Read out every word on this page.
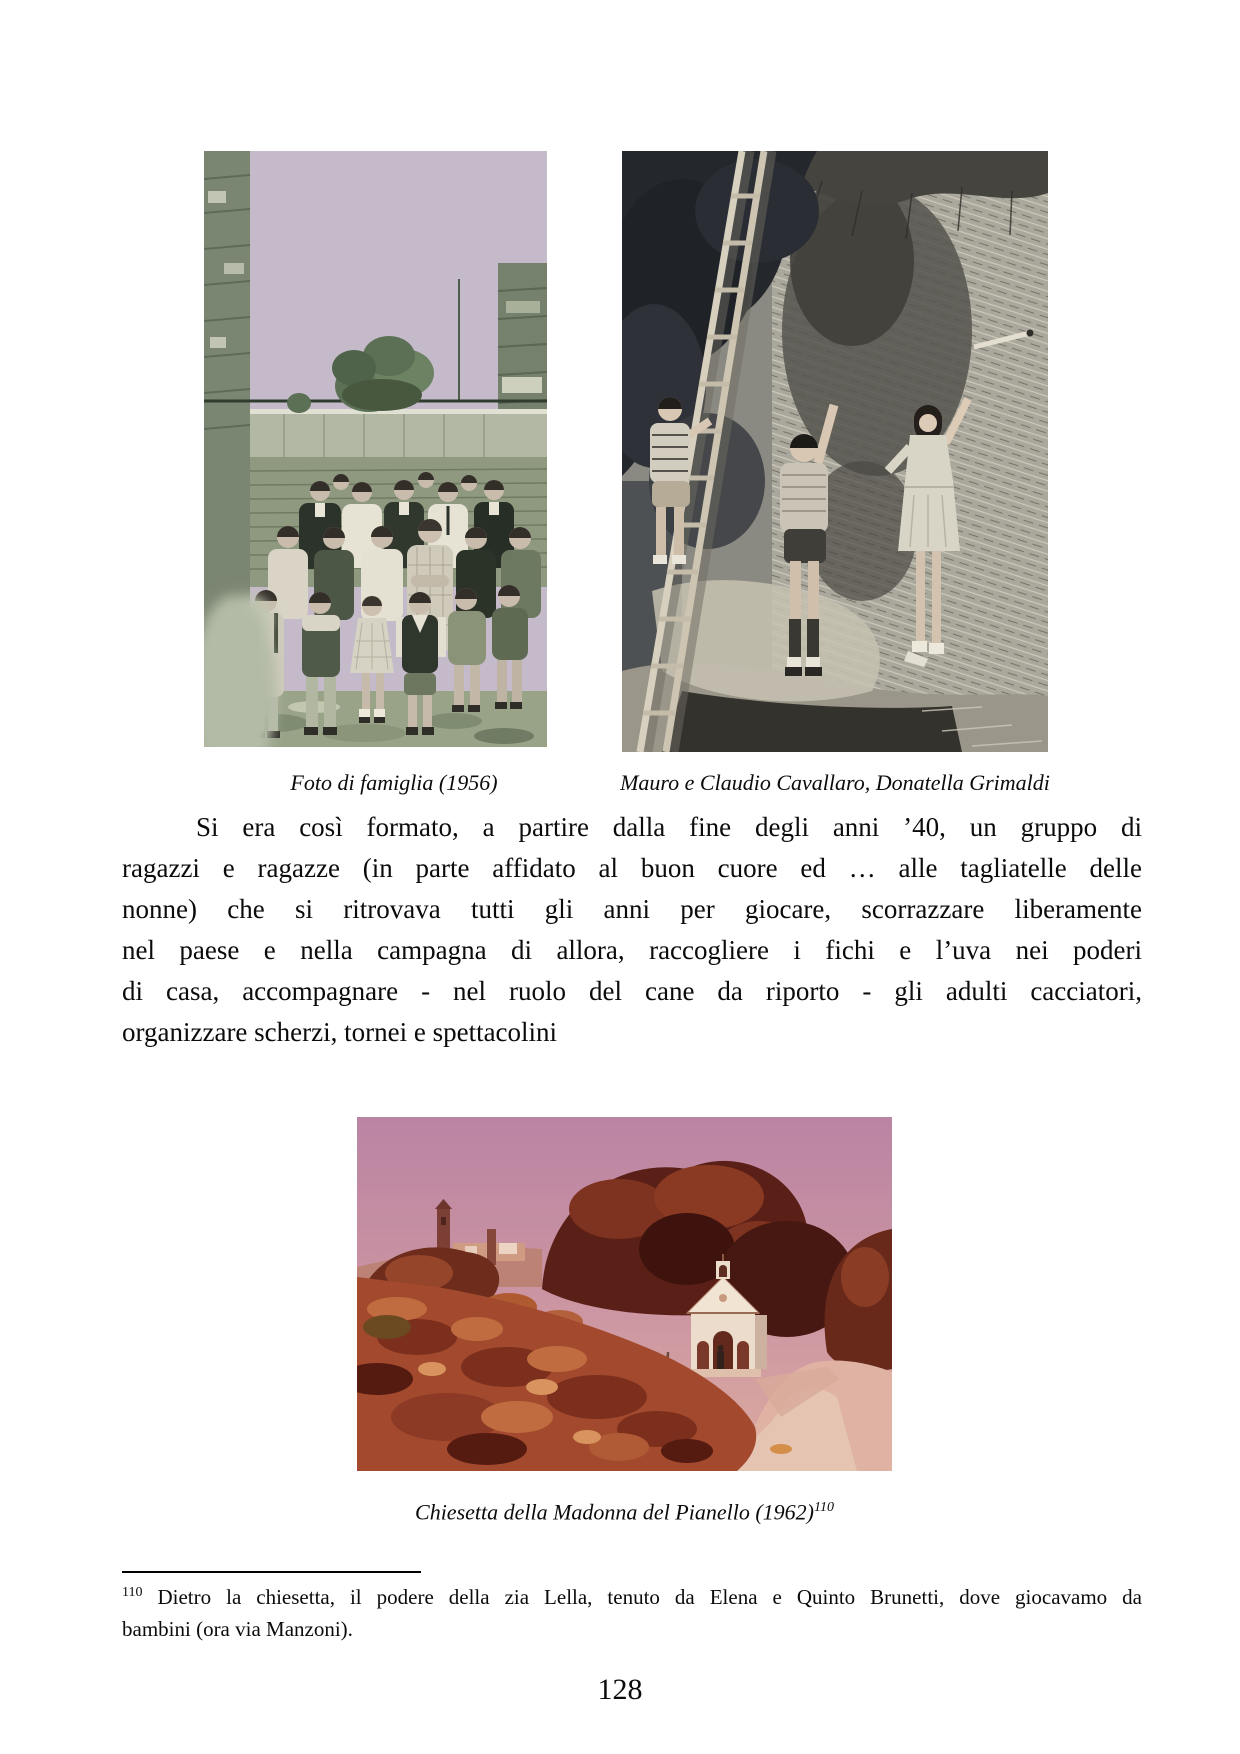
Foto di famiglia (1956)	Mauro e Claudio Cavallaro, Donatella Grimaldi
Si era così formato, a partire dalla fine degli anni ’40, un gruppo di
ragazzi e ragazze (in parte affidato al buon cuore ed … alle tagliatelle delle
nonne) che si ritrovava tutti gli anni per giocare, scorrazzare liberamente
nel paese e nella campagna di allora, raccogliere i fichi e l’uva nei poderi
di casa, accompagnare - nel ruolo del cane da riporto - gli adulti cacciatori,
organizzare scherzi, tornei e spettacolini
Chiesetta della Madonna del Pianello $(1962)^{110}$
$^{110}$ Dietro la chiesetta, il podere della zia Lella, tenuto da Elena e Quinto Brunetti, dove giocavamo da
bambini (ora via Manzoni).
128
